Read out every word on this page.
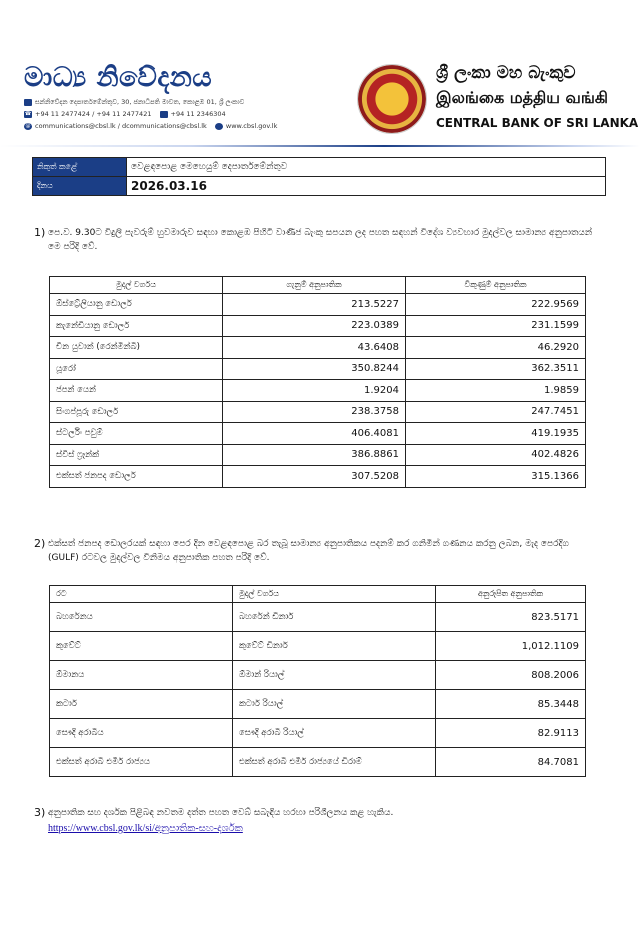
මාධ්‍ය නිවේදනය
සන්නිවේදන දෙපාර්තමේන්තුව, 30, ජනාධිපති මාවත, කොළඹ 01, ශ්‍රී ලංකාව
☎ +94 11 2477424 / +94 11 2477421
	+94 11 2346304
@ communications@cbsl.lk / dcommunications@cbsl.lk
	www.cbsl.gov.lk
ශ්‍රී ලංකා මහ බැංකුව
இலங்கை மத்திய வங்கி
CENTRAL BANK OF SRI LANKA
නිකුත් කළේ	වෙළඳපොළ මෙහෙයුම් දෙපාර්තමේන්තුව
දිනය	2026.03.16
1) පෙ.ව. 9.30ට විදුලි පැවරුම් හුවමාරුව සඳහා කොළඹ පිහිටි වාණිජ බැංකු සපයන ලද පහත සඳහන් විදේශ ව්‍යවහාර මුදල්වල සාමාන්‍ය අනුපාතයන් මෙ පරිදි වේ.
මුදල් වර්ගය	ගැනුම් අනුපාතික	විකුණුම් අනුපාතික
ඕස්ට්‍රේලියානු ඩොලර්	213.5227	222.9569
කැනේඩියානු ඩොලර්	223.0389	231.1599
චීන යුවාන් (රෙන්මින්බි)	43.6408	46.2920
යූරෝ	350.8244	362.3511
ජපන් යෙන්	1.9204	1.9859
සිංගප්පූරු ඩොලර්	238.3758	247.7451
ස්ටර්ලිං පවුම්	406.4081	419.1935
ස්විස් ෆ්‍රෑන්ක්	386.8861	402.4826
එක්සත් ජනපද ඩොලර්	307.5208	315.1366
2) එක්සත් ජනපද ඩොලරයක් සඳහා පෙර දින වෙළඳපොළ බර තැබූ සාමාන්‍ය අනුපාතිකය පදනම් කර ගනිමින් ගණනය කරනු ලබන, මැද පෙරදිග (GULF) රටවල මුදල්වල විනිමය අනුපාතික පහත පරිදි වේ.
රට	මුදල් වර්ගය	අනුරූපිත අනුපාතික
බහරේනය	බහරේන් ඩිනාර්	823.5171
කුවේට්	කුවේට් ඩිනාර්	1,012.1109
ඕමානය	ඕමාන් රියාල්	808.2006
කටාර්	කටාර් රියාල්	85.3448
සෞදි අරාබිය	සෞදි අරාබි රියාල්	82.9113
එක්සත් අරාබි එමීර් රාජ්‍යය	එක්සත් අරාබි එමීර් රාජ්‍යයේ ඩිරාම්	84.7081
3) අනුපාතික සහ දර්ශක පිළිබඳ නවතම දත්ත පහත වෙබ් සබැඳිය හරහා පරිශීලනය කළ හැකිය.
https://www.cbsl.gov.lk/si/අනුපාතික-සහ-දර්ශක
